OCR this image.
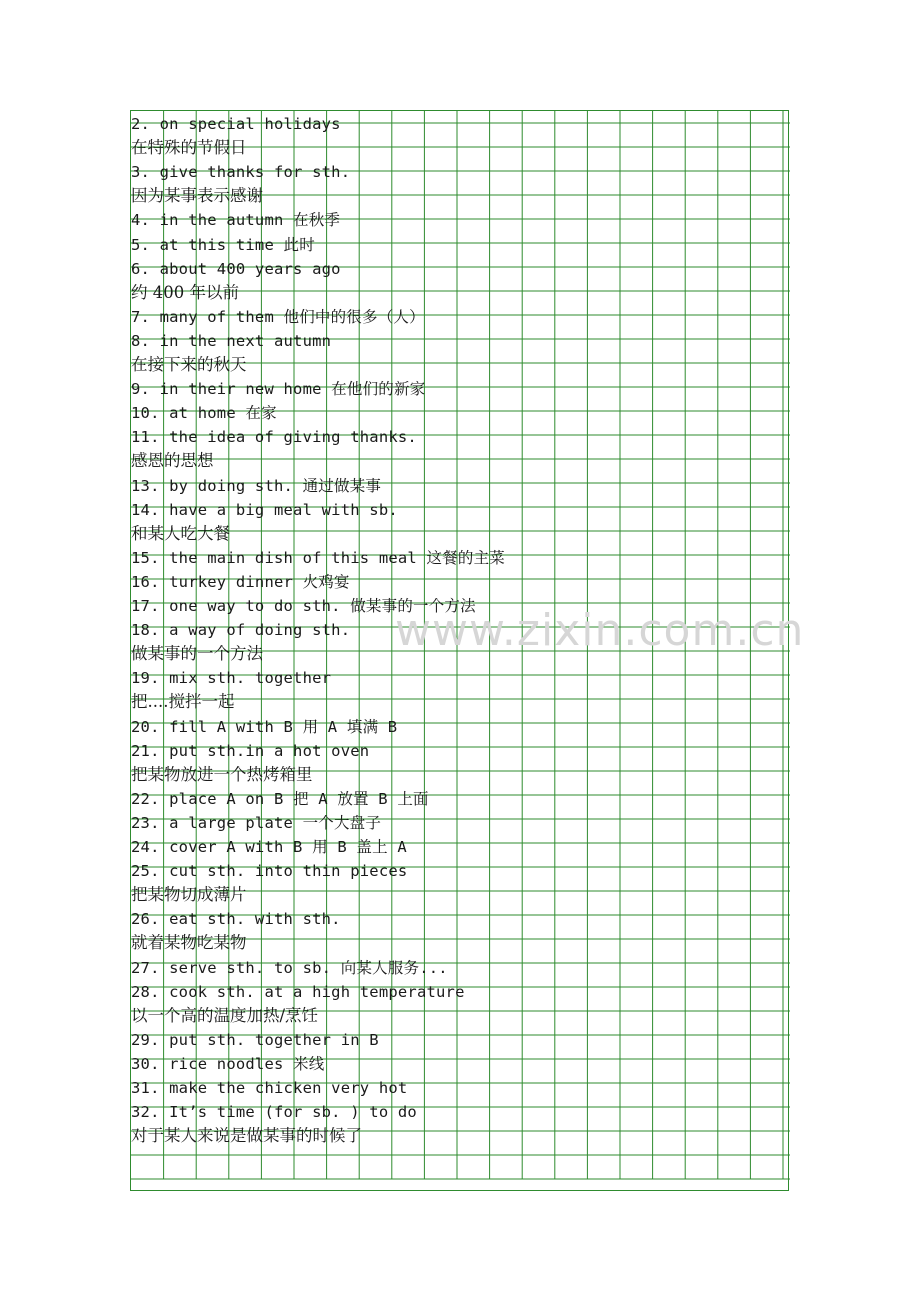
2. on special holidays
在特殊的节假日
3. give thanks for sth.
因为某事表示感谢
4. in the autumn 在秋季
5. at this time 此时
6. about 400 years ago
约 400 年以前
7. many of them 他们中的很多（人）
8. in the next autumn
在接下来的秋天
9. in their new home 在他们的新家
10. at home 在家
11. the idea of giving thanks.
感恩的思想
13. by doing sth. 通过做某事
14. have a big meal with sb.
和某人吃大餐
15. the main dish of this meal 这餐的主菜
16. turkey dinner 火鸡宴
17. one way to do sth. 做某事的一个方法
18. a way of doing sth.
做某事的一个方法
19. mix sth. together
把....搅拌一起
20. fill A with B 用 A 填满 B
21. put sth.in a hot oven
把某物放进一个热烤箱里
22. place A on B 把 A 放置 B 上面
23. a large plate 一个大盘子
24. cover A with B 用 B 盖上 A
25. cut sth. into thin pieces
把某物切成薄片
26. eat sth. with sth.
就着某物吃某物
27. serve sth. to sb. 向某人服务...
28. cook sth. at a high temperature
以一个高的温度加热/烹饪
29. put sth. together in B
30. rice noodles 米线
31. make the chicken very hot
32. It’s time (for sb. ) to do
对于某人来说是做某事的时候了
www.zixin.com.cn
